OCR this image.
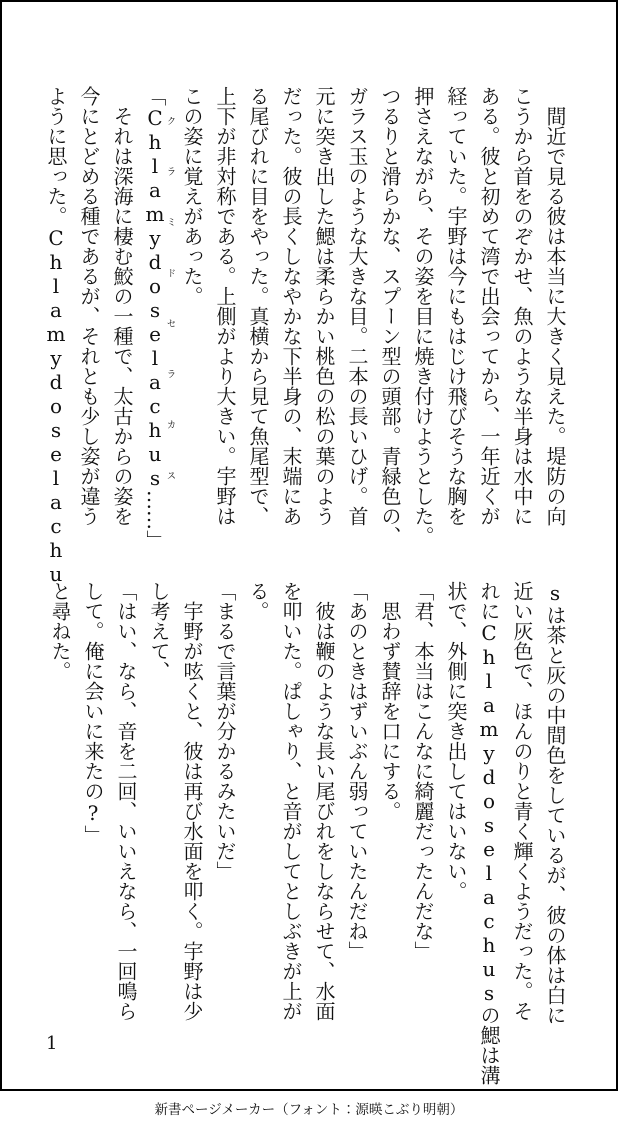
　間近で見る彼は本当に大きく見えた。堤防の向

こうから首をのぞかせ、魚のような半身は水中に

ある。彼と初めて湾で出会ってから、一年近くが

経っていた。宇野は今にもはじけ飛びそうな胸を

押さえながら、その姿を目に焼き付けようとした。

つるりと滑らかな、スプーン型の頭部。青緑色の、

ガラス玉のような大きな目。二本の長いひげ。首

元に突き出した鰓は柔らかい桃色の松の葉のよう

だった。彼の長くしなやかな下半身の、末端にあ

る尾びれに目をやった。真横から見て魚尾型で、

上下が非対称である。上側がより大きい。宇野は

この姿に覚えがあった。

「Chlamydoselachusクラミドセラカス……」

　それは深海に棲む鮫の一種で、太古からの姿を

今にとどめる種であるが、それとも少し姿が違う

ように思った。Chlamydoselachu

sは茶と灰の中間色をしているが、彼の体は白に

近い灰色で、ほんのりと青く輝くようだった。そ

れにChlamydoselachusの鰓は溝

状で、外側に突き出してはいない。

「君、本当はこんなに綺麗だったんだな」

　思わず賛辞を口にする。

「あのときはずいぶん弱っていたんだね」

　彼は鞭のような長い尾びれをしならせて、水面

を叩いた。ぱしゃり、と音がしてとしぶきが上が

る。

「まるで言葉が分かるみたいだ」

　宇野が呟くと、彼は再び水面を叩く。宇野は少

し考えて、

「はい、なら、音を二回、いいえなら、一回鳴ら

して。俺に会いに来たの?」

と尋ねた。

1
新書ページメーカー（フォント：源暎こぶり明朝）
